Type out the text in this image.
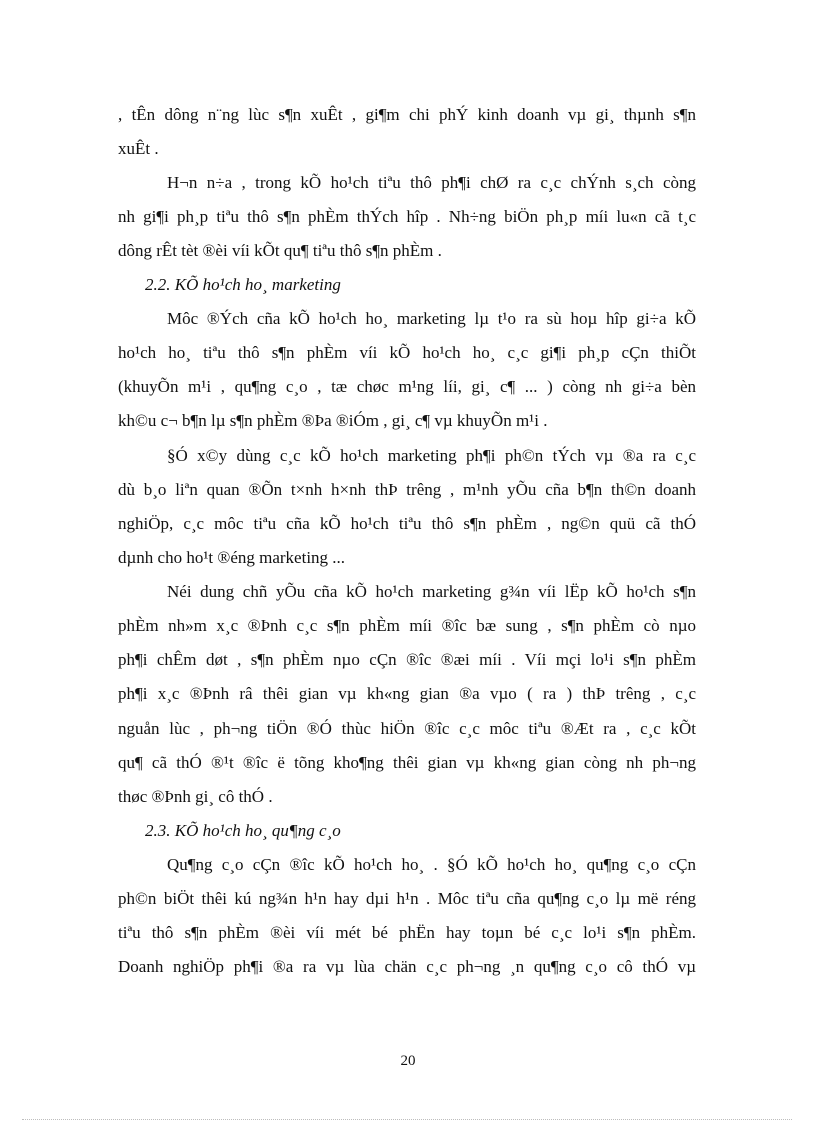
, tÊn dông n¨ng lùc s¶n xuÊt , gi¶m chi phÝ kinh doanh vµ gi¸ thµnh s¶n
xuÊt .
H¬n n÷a , trong kÕ ho¹ch tiªu thô ph¶i chØ ra c¸c chÝnh s¸ch còng
nh gi¶i ph¸p tiªu thô s¶n phÈm thÝch hîp . Nh÷ng biÖn ph¸p míi lu«n cã t¸c
dông rÊt tèt ®èi víi kÕt qu¶ tiªu thô s¶n phÈm .
2.2. KÕ ho¹ch ho¸ marketing
Môc ®Ých cña kÕ ho¹ch ho¸ marketing lµ t¹o ra sù hoµ hîp gi÷a kÕ
ho¹ch ho¸ tiªu thô s¶n phÈm víi kÕ ho¹ch ho¸ c¸c gi¶i ph¸p cÇn thiÕt
(khuyÕn m¹i , qu¶ng c¸o , tæ chøc m¹ng líi, gi¸ c¶ ... ) còng nh gi÷a bèn
kh©u c¬ b¶n lµ s¶n phÈm ®Þa ®iÓm , gi¸ c¶ vµ khuyÕn m¹i .
§Ó x©y dùng c¸c kÕ ho¹ch marketing ph¶i ph©n tÝch vµ ®a ra c¸c
dù b¸o liªn quan ®Õn t×nh h×nh thÞ trêng , m¹nh yÕu cña b¶n th©n doanh
nghiÖp, c¸c môc tiªu cña kÕ ho¹ch tiªu thô s¶n phÈm , ng©n quü cã thÓ
dµnh cho ho¹t ®éng marketing ...
Néi dung chñ yÕu cña kÕ ho¹ch marketing g¾n víi lËp kÕ ho¹ch s¶n
phÈm nh»m x¸c ®Þnh c¸c s¶n phÈm míi ®îc bæ sung , s¶n phÈm cò nµo
ph¶i chÊm døt , s¶n phÈm nµo cÇn ®îc ®æi míi . Víi mçi lo¹i s¶n phÈm
ph¶i x¸c ®Þnh râ thêi gian vµ kh«ng gian ®a vµo ( ra ) thÞ trêng , c¸c
nguån lùc , ph¬ng tiÖn ®Ó thùc hiÖn ®îc c¸c môc tiªu ®Æt ra , c¸c kÕt
qu¶ cã thÓ ®¹t ®îc ë tõng kho¶ng thêi gian vµ kh«ng gian còng nh ph¬ng
thøc ®Þnh gi¸ cô thÓ .
2.3. KÕ ho¹ch ho¸ qu¶ng c¸o
Qu¶ng c¸o cÇn ®îc kÕ ho¹ch ho¸ . §Ó kÕ ho¹ch ho¸ qu¶ng c¸o cÇn
ph©n biÖt thêi kú ng¾n h¹n hay dµi h¹n . Môc tiªu cña qu¶ng c¸o lµ më réng
tiªu thô s¶n phÈm ®èi víi mét bé phËn hay toµn bé c¸c lo¹i s¶n phÈm.
Doanh nghiÖp ph¶i ®a ra vµ lùa chän c¸c ph¬ng ¸n qu¶ng c¸o cô thÓ vµ
20
